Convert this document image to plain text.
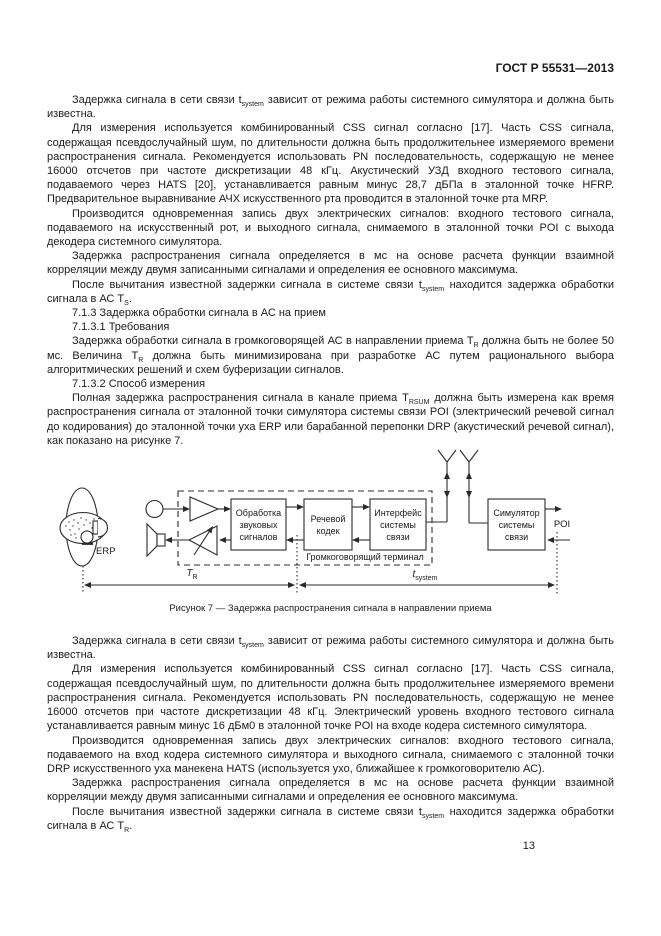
ГОСТ Р 55531—2013

Задержка сигнала в сети связи $t_{system}$ зависит от режима работы системного симулятора и должна быть известна.

Для измерения используется комбинированный CSS сигнал согласно [17]. Часть CSS сигнала, содержащая псевдослучайный шум, по длительности должна быть продолжительнее измеряемого времени распространения сигнала. Рекомендуется использовать PN последовательность, содержащую не менее 16000 отсчетов при частоте дискретизации 48 кГц. Акустический УЗД входного тестового сигнала, подаваемого через HATS [20], устанавливается равным минус 28,7 дБПа в эталонной точке HFRP. Предварительное выравнивание АЧХ искусственного рта проводится в эталонной точке рта MRP.

Производится одновременная запись двух электрических сигналов: входного тестового сигнала, подаваемого на искусственный рот, и выходного сигнала, снимаемого в эталонной точки POI с выхода декодера системного симулятора.

Задержка распространения сигнала определяется в мс на основе расчета функции взаимной корреляции между двумя записанными сигналами и определения ее основного максимума.

После вычитания известной задержки сигнала в системе связи $t_{system}$ находится задержка обработки сигнала в АС $Т_S$.

7.1.3 Задержка обработки сигнала в АС на прием

7.1.3.1 Требования

Задержка обработки сигнала в громкоговорящей АС в направлении приема $Т_R$ должна быть не более 50 мс. Величина $Т_R$ должна быть минимизирована при разработке АС путем рационального выбора алгоритмических решений и схем буферизации сигналов.

7.1.3.2 Способ измерения

Полная задержка распространения сигнала в канале приема $Т_{RSUM}$ должна быть измерена как время распространения сигнала от эталонной точки симулятора системы связи POI (электрический речевой сигнал до кодирования) до эталонной точки уха ERP или барабанной перепонки DRP (акустический речевой сигнал), как показано на рисунке 7.

Обработка
звуковых
сигналов
Речевой
кодек
Интерфейс
системы
связи
Симулятор
системы
связи
Громкоговорящий терминал
ERP
POI
$T_R$	$t_{system}$
Рисунок 7 — Задержка распространения сигнала в направлении приема

Задержка сигнала в сети связи $t_{system}$ зависит от режима работы системного симулятора и должна быть известна.

Для измерения используется комбинированный CSS сигнал согласно [17]. Часть CSS сигнала, содержащая псевдослучайный шум, по длительности должна быть продолжительнее измеряемого времени распространения сигнала. Рекомендуется использовать PN последовательность, содержащую не менее 16000 отсчетов при частоте дискретизации 48 кГц. Электрический уровень входного тестового сигнала устанавливается равным минус 16 дБм0 в эталонной точке POI на входе кодера системного симулятора.

Производится одновременная запись двух электрических сигналов: входного тестового сигнала, подаваемого на вход кодера системного симулятора и выходного сигнала, снимаемого с эталонной точки DRP искусственного уха манекена HATS (используется ухо, ближайшее к громкоговорителю АС).

Задержка распространения сигнала определяется в мс на основе расчета функции взаимной корреляции между двумя записанными сигналами и определения ее основного максимума.

После вычитания известной задержки сигнала в системе связи $t_{system}$ находится задержка обработки сигнала в АС $Т_R$.

13
